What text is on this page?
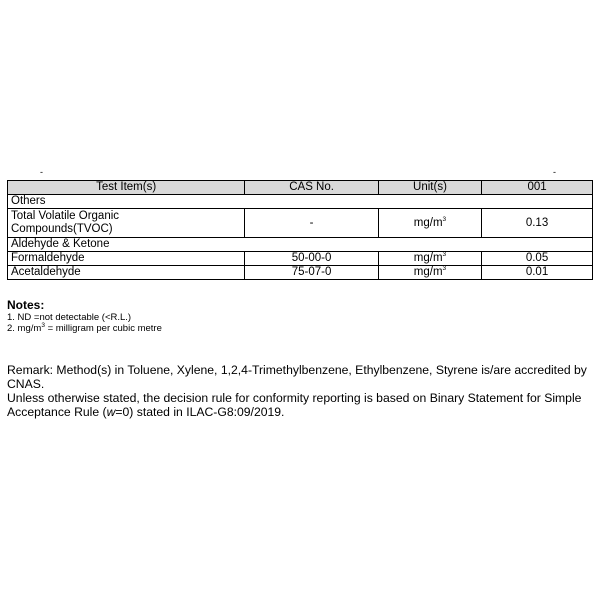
-	-
Test Item(s)	CAS No.	Unit(s)	001
Others			
Total Volatile Organic
Compounds(TVOC)	-	$mg/m^3$	0.13
Aldehyde & Ketone			
Formaldehyde	50-00-0	$mg/m^3$	0.05
Acetaldehyde	75-07-0	$mg/m^3$	0.01
Notes:
1. ND =not detectable (<R.L.)
2. $mg/m^3$ = milligram per cubic metre

Remark: Method(s) in Toluene, Xylene, 1,2,4-Trimethylbenzene, Ethylbenzene, Styrene is/are accredited by CNAS.

Unless otherwise stated, the decision rule for conformity reporting is based on Binary Statement for Simple Acceptance Rule (w=0) stated in ILAC-G8:09/2019.
